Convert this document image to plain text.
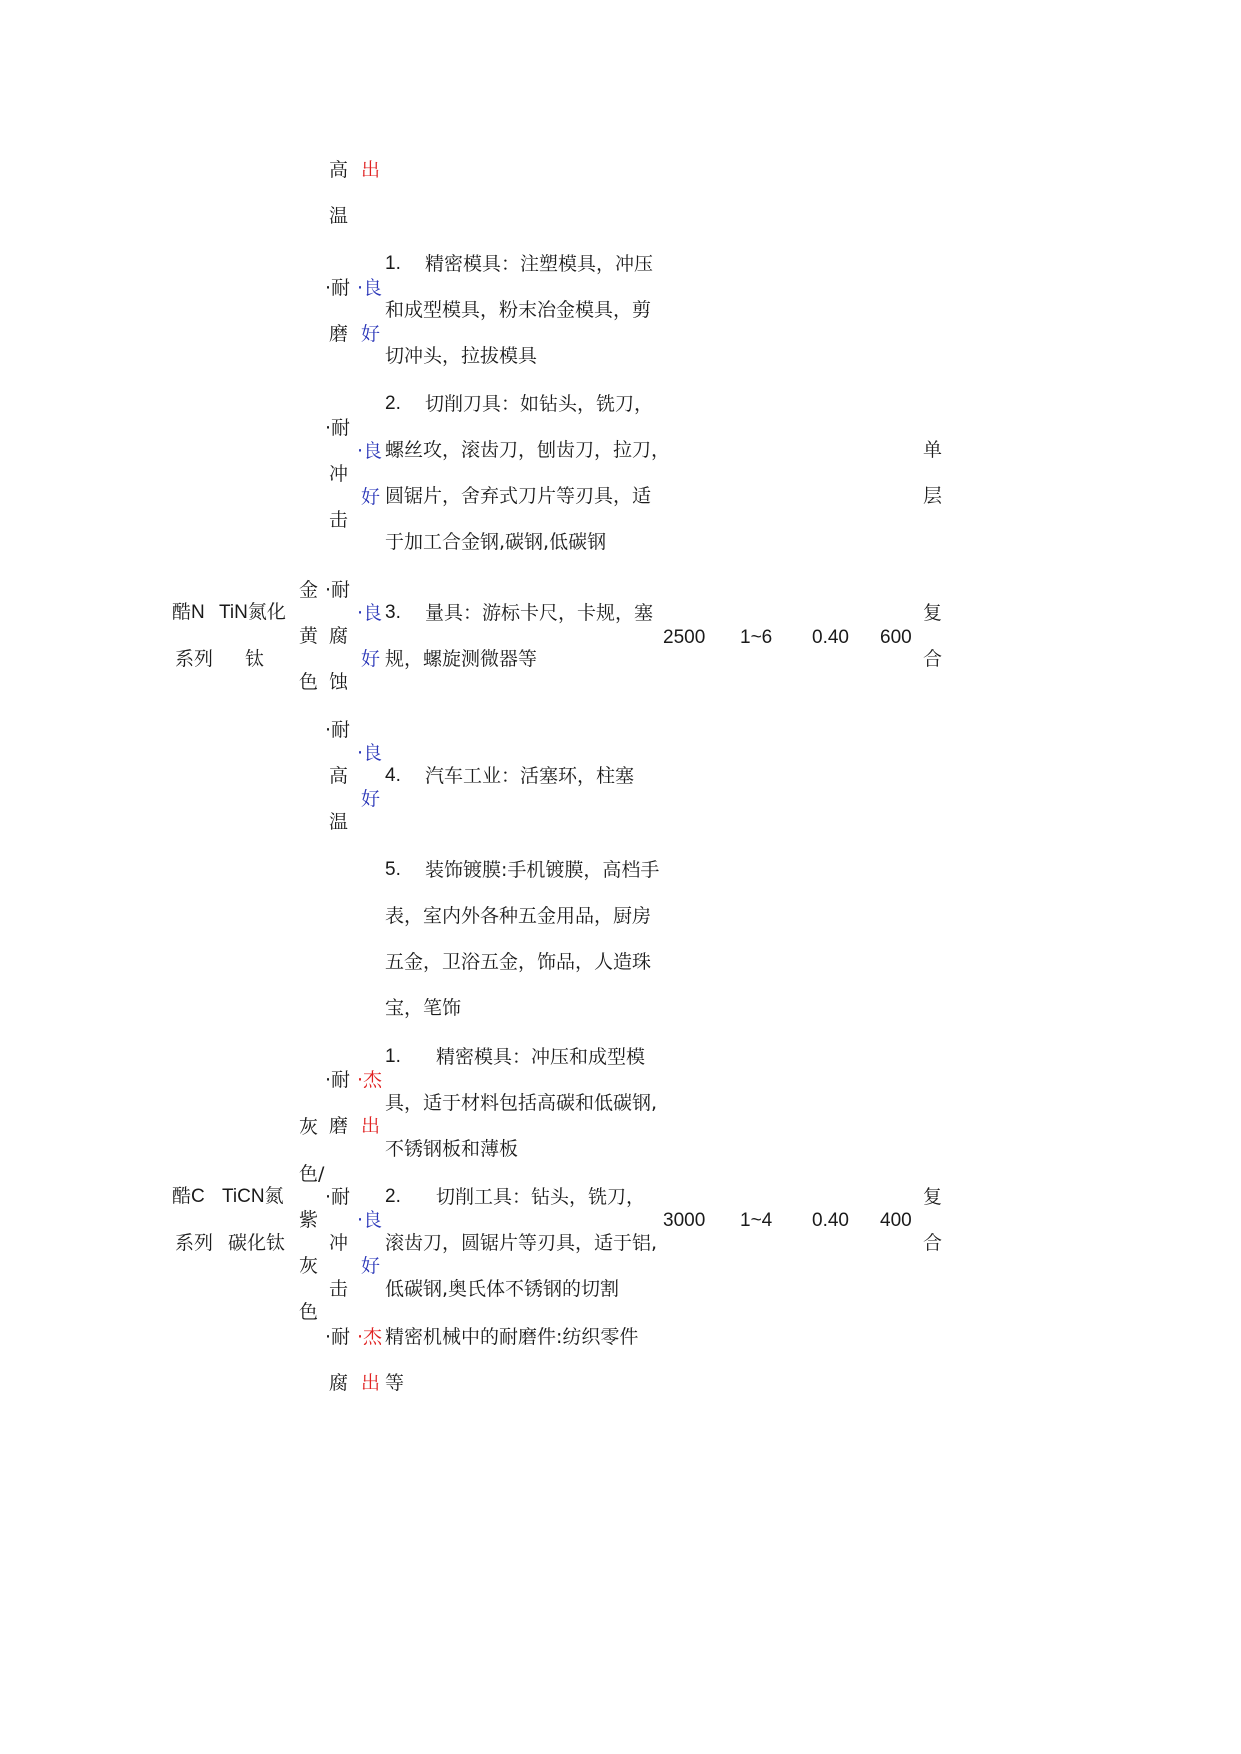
高 出
温
酷N
系列
TiN氮化
钛
金
黄
色
·耐
磨
·良
好
·耐
冲
击
·良
好
·耐
腐
蚀
·良
好
·耐
高
温
·良
好
1. 精密模具：注塑模具，冲压
和成型模具，粉末冶金模具，剪
切冲头，拉拔模具
2. 切削刀具：如钻头，铣刀，
螺丝攻，滚齿刀，刨齿刀，拉刀，
圆锯片，舍弃式刀片等刃具，适
于加工合金钢,碳钢,低碳钢
3. 量具：游标卡尺，卡规，塞
规，螺旋测微器等
4. 汽车工业：活塞环，柱塞
5. 装饰镀膜:手机镀膜，高档手
表，室内外各种五金用品，厨房
五金，卫浴五金，饰品，人造珠
宝，笔饰
2500 1~6 0.40 600
单
层
复
合
酷C
系列
TiCN氮
碳化钛
灰
色/
紫
灰
色
·耐
磨
·杰
出
·耐
冲
击
·良
好
·耐
腐
·杰
出
1. 精密模具：冲压和成型模
具，适于材料包括高碳和低碳钢,
不锈钢板和薄板
2. 切削工具：钻头，铣刀，
滚齿刀，圆锯片等刃具，适于铝,
低碳钢,奥氏体不锈钢的切割
精密机械中的耐磨件:纺织零件
等
3000 1~4 0.40 400
复
合
